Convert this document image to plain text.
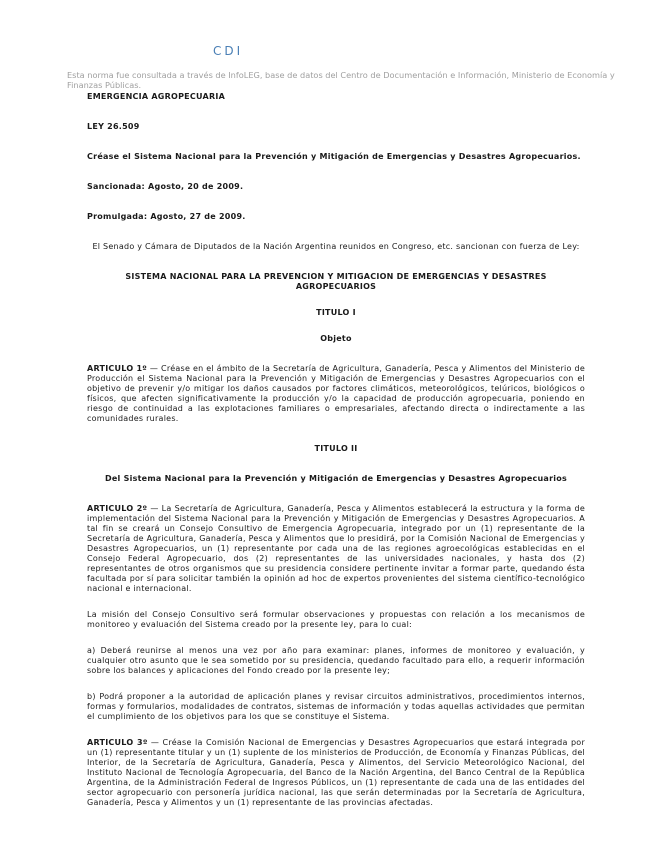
CDI
Esta norma fue consultada a través de InfoLEG, base de datos del Centro de Documentación e Información, Ministerio de Economía y Finanzas Públicas.

EMERGENCIA AGROPECUARIA

LEY 26.509

Créase el Sistema Nacional para la Prevención y Mitigación de Emergencias y Desastres Agropecuarios.

Sancionada: Agosto, 20 de 2009.

Promulgada: Agosto, 27 de 2009.

El Senado y Cámara de Diputados de la Nación Argentina reunidos en Congreso, etc. sancionan con fuerza de Ley:

SISTEMA NACIONAL PARA LA PREVENCION Y MITIGACION DE EMERGENCIAS Y DESASTRES AGROPECUARIOS

TITULO I

Objeto

ARTICULO 1º — Créase en el ámbito de la Secretaría de Agricultura, Ganadería, Pesca y Alimentos del Ministerio de Producción el Sistema Nacional para la Prevención y Mitigación de Emergencias y Desastres Agropecuarios con el objetivo de prevenir y/o mitigar los daños causados por factores climáticos, meteorológicos, telúricos, biológicos o físicos, que afecten significativamente la producción y/o la capacidad de producción agropecuaria, poniendo en riesgo de continuidad a las explotaciones familiares o empresariales, afectando directa o indirectamente a las comunidades rurales.

TITULO II

Del Sistema Nacional para la Prevención y Mitigación de Emergencias y Desastres Agropecuarios

ARTICULO 2º — La Secretaría de Agricultura, Ganadería, Pesca y Alimentos establecerá la estructura y la forma de implementación del Sistema Nacional para la Prevención y Mitigación de Emergencias y Desastres Agropecuarios. A tal fin se creará un Consejo Consultivo de Emergencia Agropecuaria, integrado por un (1) representante de la Secretaría de Agricultura, Ganadería, Pesca y Alimentos que lo presidirá, por la Comisión Nacional de Emergencias y Desastres Agropecuarios, un (1) representante por cada una de las regiones agroecológicas establecidas en el Consejo Federal Agropecuario, dos (2) representantes de las universidades nacionales, y hasta dos (2) representantes de otros organismos que su presidencia considere pertinente invitar a formar parte, quedando ésta facultada por sí para solicitar también la opinión ad hoc de expertos provenientes del sistema científico-tecnológico nacional e internacional.

La misión del Consejo Consultivo será formular observaciones y propuestas con relación a los mecanismos de monitoreo y evaluación del Sistema creado por la presente ley, para lo cual:

a) Deberá reunirse al menos una vez por año para examinar: planes, informes de monitoreo y evaluación, y cualquier otro asunto que le sea sometido por su presidencia, quedando facultado para ello, a requerir información sobre los balances y aplicaciones del Fondo creado por la presente ley;

b) Podrá proponer a la autoridad de aplicación planes y revisar circuitos administrativos, procedimientos internos, formas y formularios, modalidades de contratos, sistemas de información y todas aquellas actividades que permitan el cumplimiento de los objetivos para los que se constituye el Sistema.

ARTICULO 3º — Créase la Comisión Nacional de Emergencias y Desastres Agropecuarios que estará integrada por un (1) representante titular y un (1) suplente de los ministerios de Producción, de Economía y Finanzas Públicas, del Interior, de la Secretaría de Agricultura, Ganadería, Pesca y Alimentos, del Servicio Meteorológico Nacional, del Instituto Nacional de Tecnología Agropecuaria, del Banco de la Nación Argentina, del Banco Central de la República Argentina, de la Administración Federal de Ingresos Públicos, un (1) representante de cada una de las entidades del sector agropecuario con personería jurídica nacional, las que serán determinadas por la Secretaría de Agricultura, Ganadería, Pesca y Alimentos y un (1) representante de las provincias afectadas.
